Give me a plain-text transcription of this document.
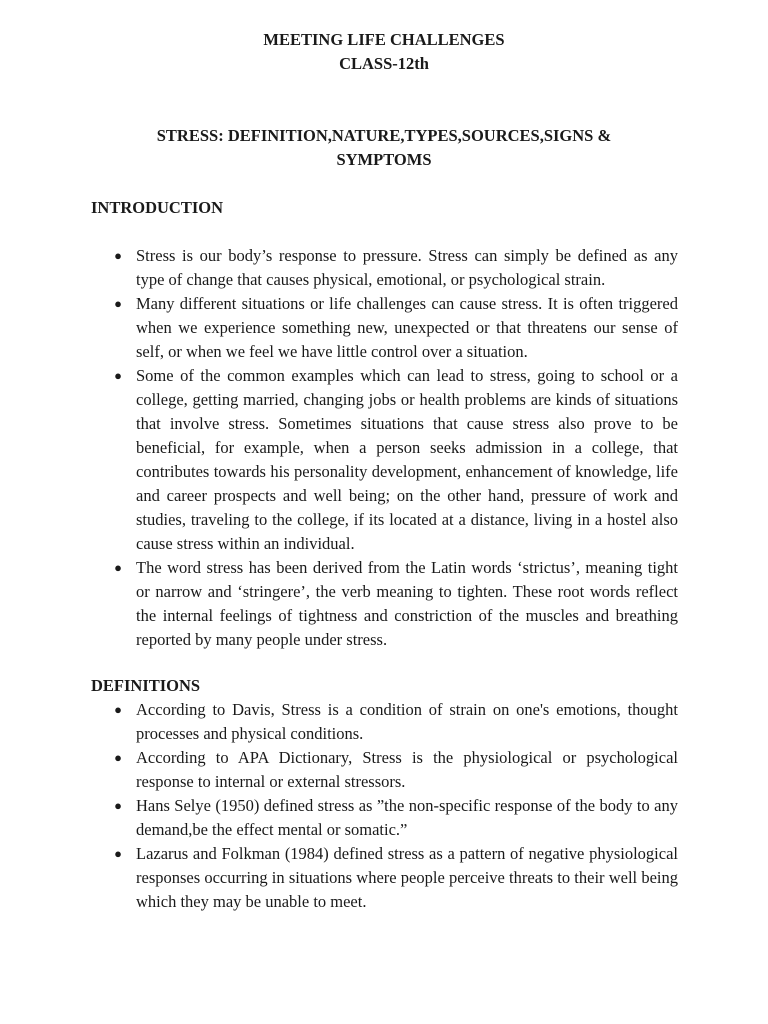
MEETING LIFE CHALLENGES
CLASS-12th
STRESS: DEFINITION,NATURE,TYPES,SOURCES,SIGNS &
SYMPTOMS
INTRODUCTION
● Stress is our body’s response to pressure. Stress can simply be defined as any type of change that causes physical, emotional, or psychological strain.
● Many different situations or life challenges can cause stress. It is often triggered when we experience something new, unexpected or that threatens our sense of self, or when we feel we have little control over a situation.
● Some of the common examples which can lead to stress, going to school or a college, getting married, changing jobs or health problems are kinds of situations that involve stress. Sometimes situations that cause stress also prove to be beneficial, for example, when a person seeks admission in a college, that contributes towards his personality development, enhancement of knowledge, life and career prospects and well being; on the other hand, pressure of work and studies, traveling to the college, if its located at a distance, living in a hostel also cause stress within an individual.
● The word stress has been derived from the Latin words ‘strictus’, meaning tight or narrow and ‘stringere’, the verb meaning to tighten. These root words reflect the internal feelings of tightness and constriction of the muscles and breathing reported by many people under stress.
DEFINITIONS
● According to Davis, Stress is a condition of strain on one's emotions, thought processes and physical conditions.
● According to APA Dictionary, Stress is the physiological or psychological response to internal or external stressors.
● Hans Selye (1950) defined stress as ”the non-specific response of the body to any demand,be the effect mental or somatic.”
● Lazarus and Folkman (1984) defined stress as a pattern of negative physiological responses occurring in situations where people perceive threats to their well being which they may be unable to meet.
